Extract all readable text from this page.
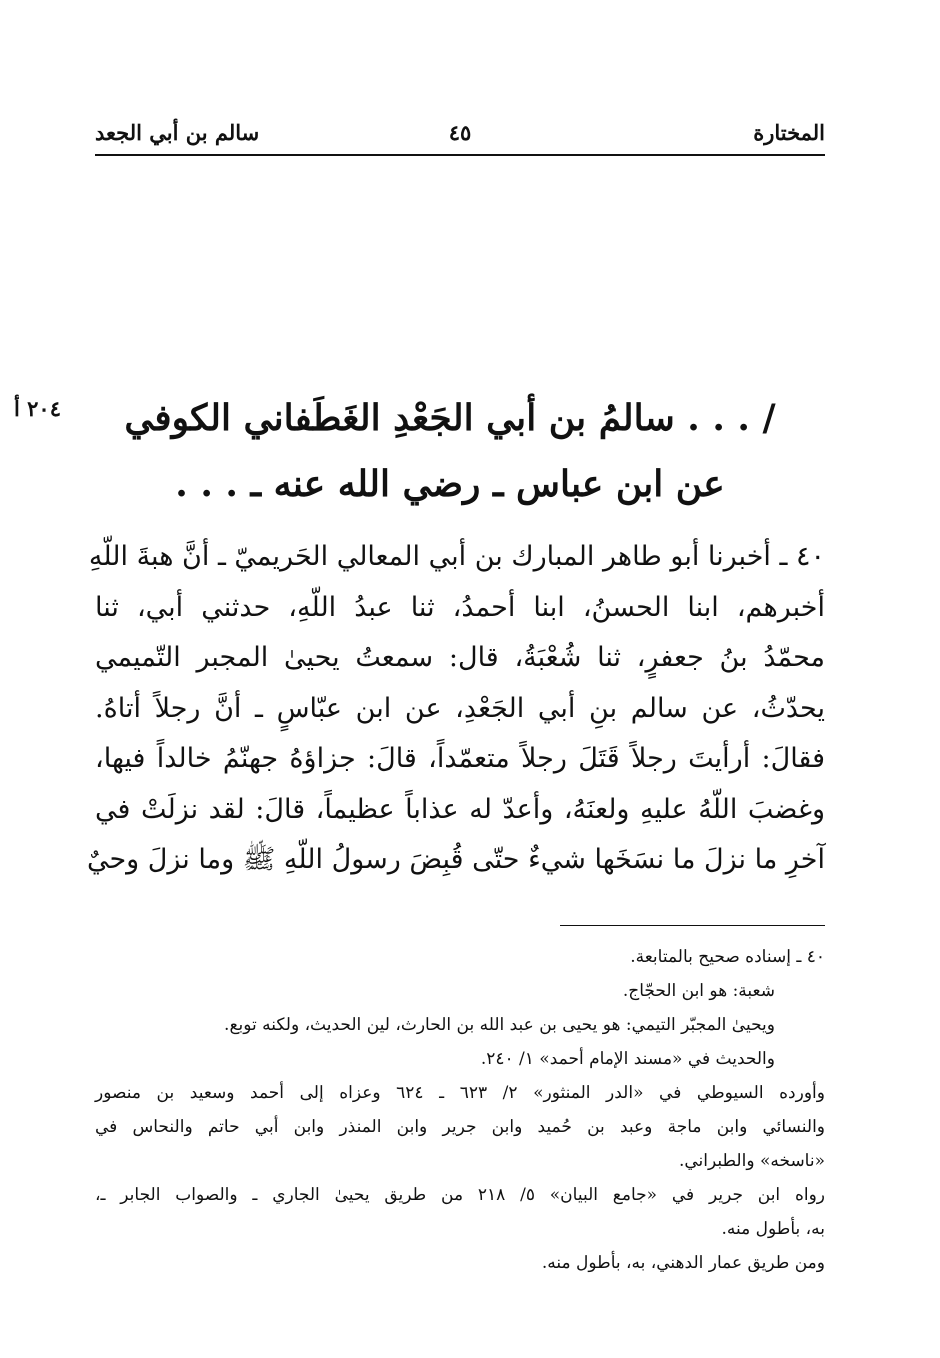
المختارة
٤٥
سالم بن أبي الجعد
٢٠٤ أ / . . . سالمُ بن أبي الجَعْدِ الغَطَفاني الكوفي
عن ابن عباس ـ رضي الله عنه ـ . . .
٤٠ ـ أخبرنا أبو طاهر المبارك بن أبي المعالي الحَريميّ ـ أنَّ هبةَ اللّهِ
أخبرهم، ابنا الحسنُ، ابنا أحمدُ، ثنا عبدُ اللّهِ، حدثني أبي، ثنا
محمّدُ بنُ جعفرٍ، ثنا شُعْبَةُ، قال: سمعتُ يحيىٰ المجبر التّميمي
يحدّثُ، عن سالم بنِ أبي الجَعْدِ، عن ابن عبّاسٍ ـ أنَّ رجلاً أتاهُ.
فقالَ: أرأيتَ رجلاً قَتَلَ رجلاً متعمّداً، قالَ: جزاؤهُ جهنّمُ خالداً فيها،
وغضبَ اللّهُ عليهِ ولعنَهُ، وأعدّ له عذاباً عظيماً، قالَ: لقد نزلَتْ في
آخرِ ما نزلَ ما نسَخَها شيءٌ حتّى قُبِضَ رسولُ اللّهِ ﷺ وما نزلَ وحيٌ
٤٠ ـ إسناده صحيح بالمتابعة.
شعبة: هو ابن الحجّاج.
ويحيىٰ المجبّر التيمي: هو يحيى بن عبد الله بن الحارث، لين الحديث، ولكنه توبع.
والحديث في «مسند الإمام أحمد» ١/ ٢٤٠.
وأورده السيوطي في «الدر المنثور» ٢/ ٦٢٣ ـ ٦٢٤ وعزاه إلى أحمد وسعيد بن منصور
والنسائي وابن ماجة وعبد بن حُميد وابن جرير وابن المنذر وابن أبي حاتم والنحاس في
«ناسخه» والطبراني.
رواه ابن جرير في «جامع البيان» ٥/ ٢١٨ من طريق يحيىٰ الجاري ـ والصواب الجابر ـ،
به، بأطول منه.
ومن طريق عمار الدهني، به، بأطول منه.
